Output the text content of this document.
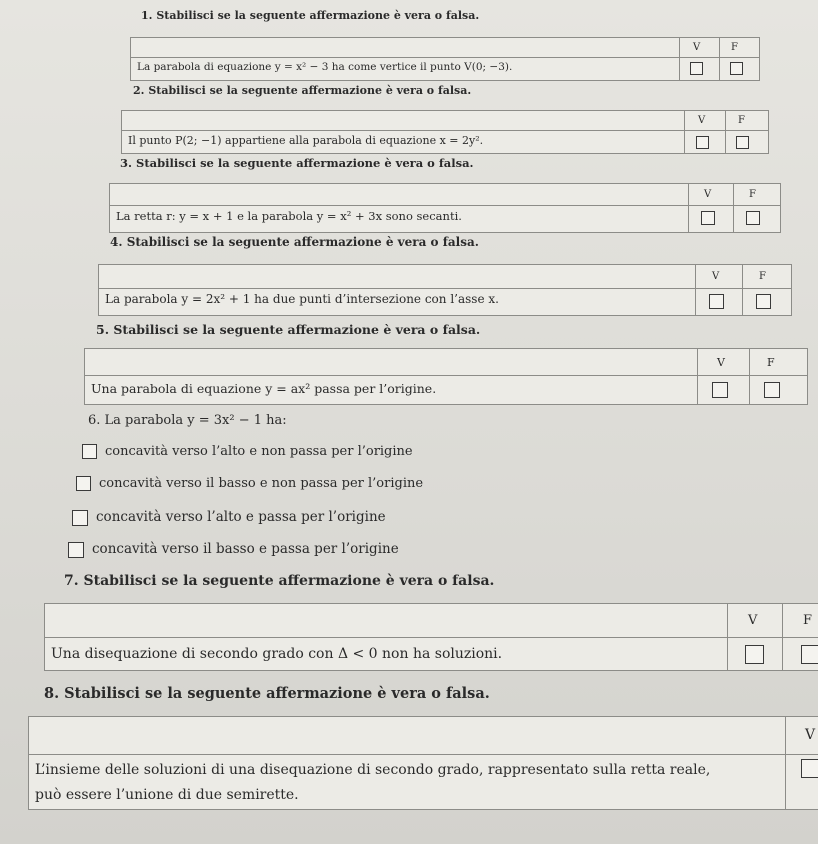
1. Stabilisci se la seguente affermazione è vera o falsa.
V	F
La parabola di equazione y = x² − 3 ha come vertice il punto V(0; −3).
2. Stabilisci se la seguente affermazione è vera o falsa.
V	F
Il punto P(2; −1) appartiene alla parabola di equazione x = 2y².
3. Stabilisci se la seguente affermazione è vera o falsa.
V	F
La retta r: y = x + 1 e la parabola y = x² + 3x sono secanti.
4. Stabilisci se la seguente affermazione è vera o falsa.
V	F
La parabola y = 2x² + 1 ha due punti d’intersezione con l’asse x.
5. Stabilisci se la seguente affermazione è vera o falsa.
V	F
Una parabola di equazione y = ax² passa per l’origine.
6. La parabola y = 3x² − 1 ha:
concavità verso l’alto e non passa per l’origine
concavità verso il basso e non passa per l’origine
concavità verso l’alto e passa per l’origine
concavità verso il basso e passa per l’origine
7. Stabilisci se la seguente affermazione è vera o falsa.
V	F
Una disequazione di secondo grado con Δ < 0 non ha soluzioni.
8. Stabilisci se la seguente affermazione è vera o falsa.
V
L’insieme delle soluzioni di una disequazione di secondo grado, rappresentato sulla retta reale,
può essere l’unione di due semirette.
